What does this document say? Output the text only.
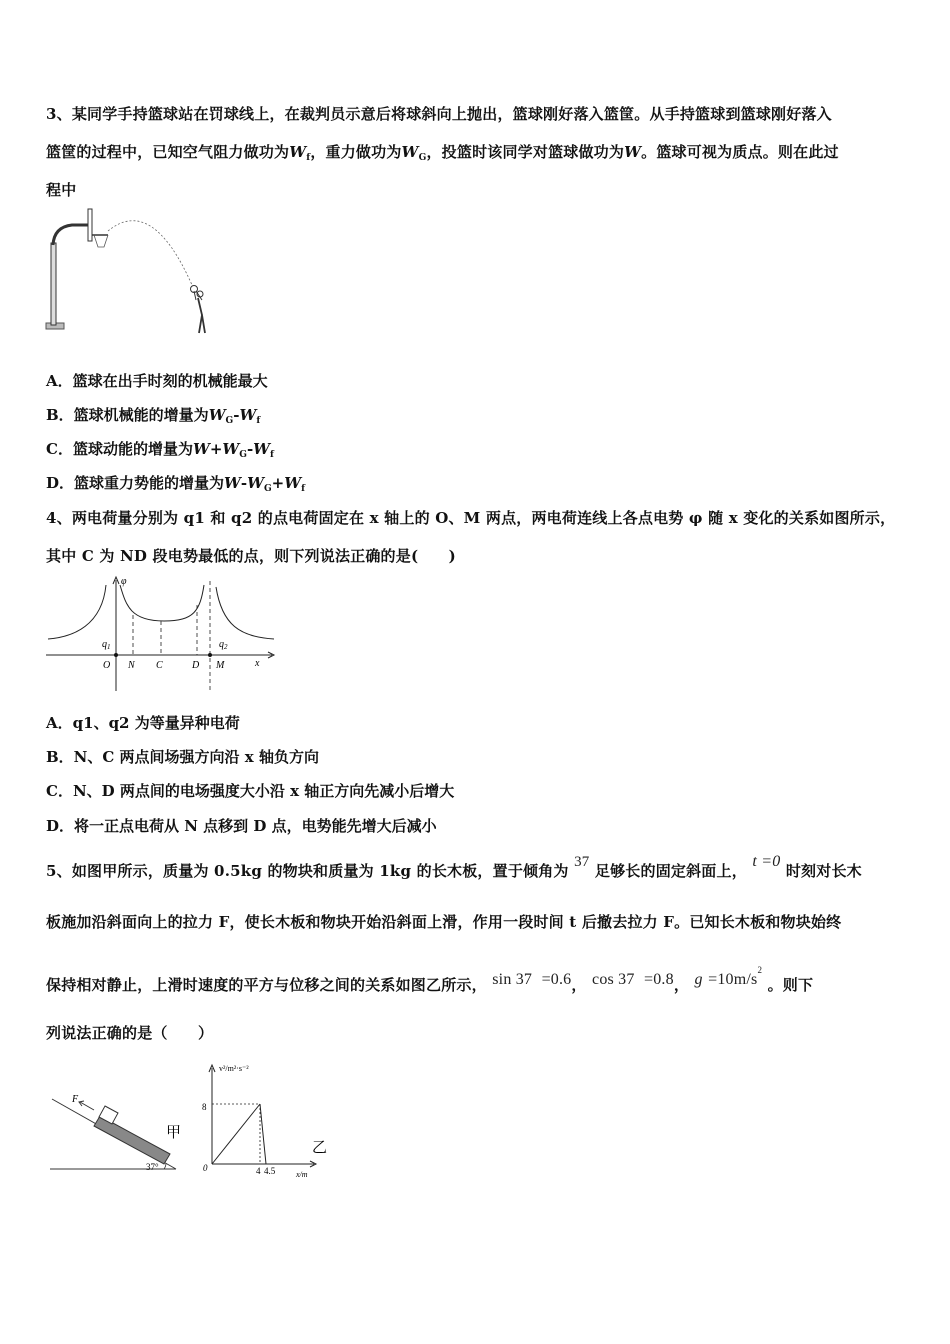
3、某同学手持篮球站在罚球线上，在裁判员示意后将球斜向上抛出，篮球刚好落入篮筐。从手持篮球到篮球刚好落入
篮筐的过程中，已知空气阻力做功为$W_f$，重力做功为$W_G$，投篮时该同学对篮球做功为W。篮球可视为质点。则在此过
程中
A．篮球在出手时刻的机械能最大
B．篮球机械能的增量为$W_G-W_f$
C．篮球动能的增量为$W+W_G-W_f$
D．篮球重力势能的增量为$W-W_G+W_f$
4、两电荷量分别为 q1 和 q2 的点电荷固定在 x 轴上的 O、M 两点，两电荷连线上各点电势 φ 随 x 变化的关系如图所示，
其中 C 为 ND 段电势最低的点，则下列说法正确的是(　　)
φ
$q_1$	$q_2$
O N C	D M	x
A．q1、q2 为等量异种电荷
B．N、C 两点间场强方向沿 x 轴负方向
C．N、D 两点间的电场强度大小沿 x 轴正方向先减小后增大
D．将一正点电荷从 N 点移到 D 点，电势能先增大后减小
5、如图甲所示，质量为 0.5kg 的物块和质量为 1kg 的长木板，置于倾角为 37 足够长的固定斜面上， t =0 时刻对长木
板施加沿斜面向上的拉力 F，使长木板和物块开始沿斜面上滑，作用一段时间 t 后撤去拉力 F。已知长木板和物块始终
保持相对静止，上滑时速度的平方与位移之间的关系如图乙所示， sin 37 =0.6， cos 37 =0.8， $g =10m/s^2$ 。则下
列说法正确的是（　　）
F
37°
甲
v²/m²·s⁻²
8
0	4 4.5	x/m
乙
